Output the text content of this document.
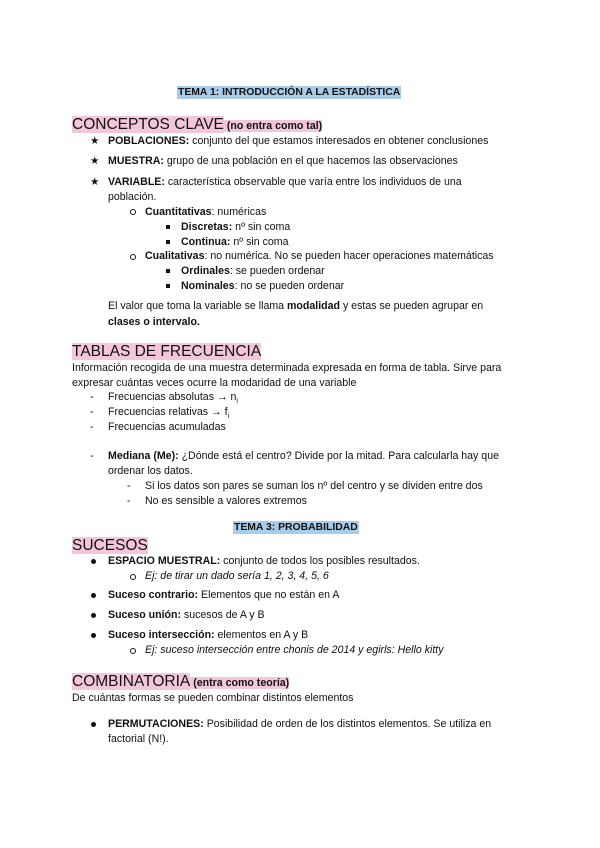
TEMA 1: INTRODUCCIÓN A LA ESTADÍSTICA
CONCEPTOS CLAVE (no entra como tal)
★ POBLACIONES: conjunto del que estamos interesados en obtener conclusiones
★ MUESTRA: grupo de una población en el que hacemos las observaciones
★ VARIABLE: característica observable que varía entre los individuos de una
población.
Cuantitativas: numéricas
Discretas: nº sin coma
Continua: nº sin coma
Cualitativas: no numérica. No se pueden hacer operaciones matemáticas
Ordinales: se pueden ordenar
Nominales: no se pueden ordenar
El valor que toma la variable se llama modalidad y estas se pueden agrupar en
clases o intervalo.
TABLAS DE FRECUENCIA
Información recogida de una muestra determinada expresada en forma de tabla. Sirve para
expresar cuántas veces ocurre la modaridad de una variable
- Frecuencias absolutas → $n_i$
- Frecuencias relativas → $f_i$
- Frecuencias acumuladas
- Mediana (Me): ¿Dónde está el centro? Divide por la mitad. Para calcularla hay que
ordenar los datos.
- Si los datos son pares se suman los nº del centro y se dividen entre dos
- No es sensible a valores extremos
TEMA 3: PROBABILIDAD
SUCESOS
ESPACIO MUESTRAL: conjunto de todos los posibles resultados.
Ej: de tirar un dado sería 1, 2, 3, 4, 5, 6
Suceso contrario: Elementos que no están en A
Suceso unión: sucesos de A y B
Suceso intersección: elementos en A y B
Ej: suceso intersección entre chonis de 2014 y egirls: Hello kitty
COMBINATORIA (entra como teoría)
De cuántas formas se pueden combinar distintos elementos
PERMUTACIONES: Posibilidad de orden de los distintos elementos. Se utiliza en
factorial (N!).
